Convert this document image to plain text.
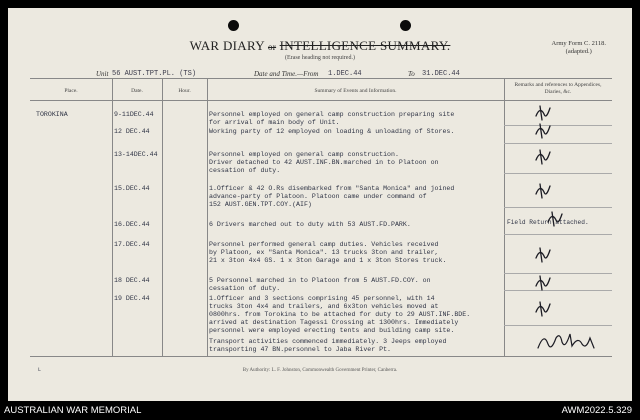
WAR DIARY or INTELLIGENCE SUMMARY.
(Erase heading not required.)
Army Form C. 2118.
(adapted.)
Unit 56 AUST.TPT.PL. (TS)	Date and Time.—From 1.DEC.44	To 31.DEC.44
Place.	Date.	Hour.	Summary of Events and Information.
Remarks and references to Appendices, Diaries, &c.
TOROKINA	9-11DEC.44	Personnel employed on general camp construction preparing site
for arrival of main body of Unit.
12 DEC.44	Working party of 12 employed on loading & unloading of Stores.
13-14DEC.44	Personnel employed on general camp construction.
Driver detached to 42 AUST.INF.BN.marched in to Platoon on
cessation of duty.
15.DEC.44	1.Officer & 42 O.Rs disembarked from "Santa Monica" and joined
advance-party of Platoon. Platoon came under command of
152 AUST.GEN.TPT.COY.(AIF)
16.DEC.44	6 Drivers marched out to duty with 53 AUST.FD.PARK.	Field Return attached.
17.DEC.44	Personnel performed general camp duties. Vehicles received
by Platoon, ex "Santa Monica". 13 trucks 3ton and trailer,
21 x 3ton 4x4 GS. 1 x 3ton Garage and 1 x 3ton Stores truck.
18 DEC.44	5 Personnel marched in to Platoon from 5 AUST.FD.COY. on
cessation of duty.
19 DEC.44	1.Officer and 3 sections comprising 45 personnel, with 14
trucks 3ton 4x4 and trailers, and 6x3ton vehicles moved at
0800hrs. from Torokina to be attached for duty to 29 AUST.INF.BDE.
arrived at destination Tagessi Crossing at 1300hrs. Immediately
personnel were employed erecting tents and building camp site.
Transport activities commenced immediately. 3 Jeeps employed
transporting 47 BN.personnel to Jaba River Pt.
By Authority: L. F. Johnston, Commonwealth Government Printer, Canberra.
L
AUSTRALIAN WAR MEMORIAL	AWM2022.5.329
